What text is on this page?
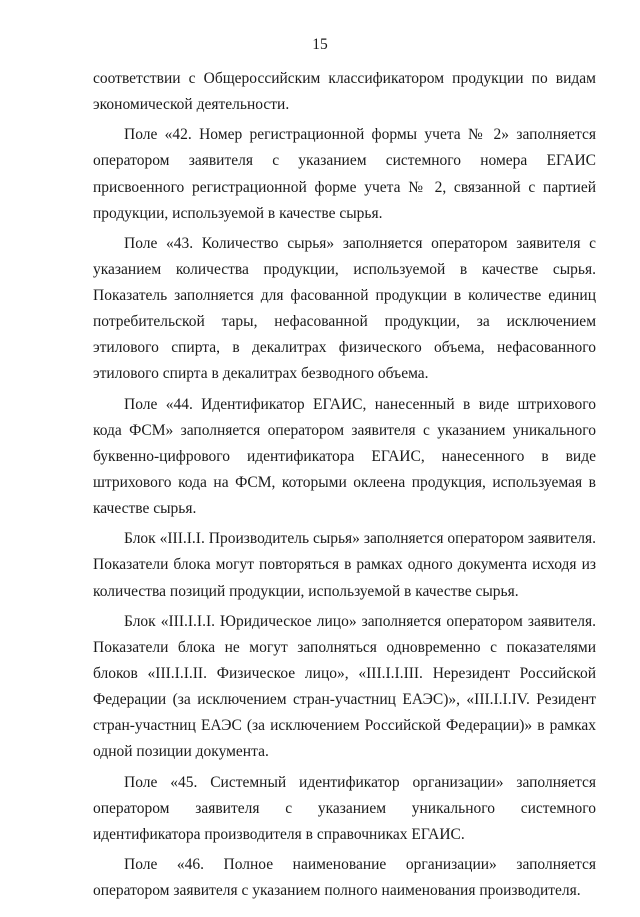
15

соответствии с Общероссийским классификатором продукции по видам экономической деятельности.

Поле «42. Номер регистрационной формы учета № 2» заполняется оператором заявителя с указанием системного номера ЕГАИС присвоенного регистрационной форме учета № 2, связанной с партией продукции, используемой в качестве сырья.

Поле «43. Количество сырья» заполняется оператором заявителя с указанием количества продукции, используемой в качестве сырья. Показатель заполняется для фасованной продукции в количестве единиц потребительской тары, нефасованной продукции, за исключением этилового спирта, в декалитрах физического объема, нефасованного этилового спирта в декалитрах безводного объема.

Поле «44. Идентификатор ЕГАИС, нанесенный в виде штрихового кода ФСМ» заполняется оператором заявителя с указанием уникального буквенно-цифрового идентификатора ЕГАИС, нанесенного в виде штрихового кода на ФСМ, которыми оклеена продукция, используемая в качестве сырья.

Блок «III.I.I. Производитель сырья» заполняется оператором заявителя. Показатели блока могут повторяться в рамках одного документа исходя из количества позиций продукции, используемой в качестве сырья.

Блок «III.I.I.I. Юридическое лицо» заполняется оператором заявителя. Показатели блока не могут заполняться одновременно с показателями блоков «III.I.I.II. Физическое лицо», «III.I.I.III. Нерезидент Российской Федерации (за исключением стран-участниц ЕАЭС)», «III.I.I.IV. Резидент стран-участниц ЕАЭС (за исключением Российской Федерации)» в рамках одной позиции документа.

Поле «45. Системный идентификатор организации» заполняется оператором заявителя с указанием уникального системного идентификатора производителя в справочниках ЕГАИС.

Поле «46. Полное наименование организации» заполняется оператором заявителя с указанием полного наименования производителя.
